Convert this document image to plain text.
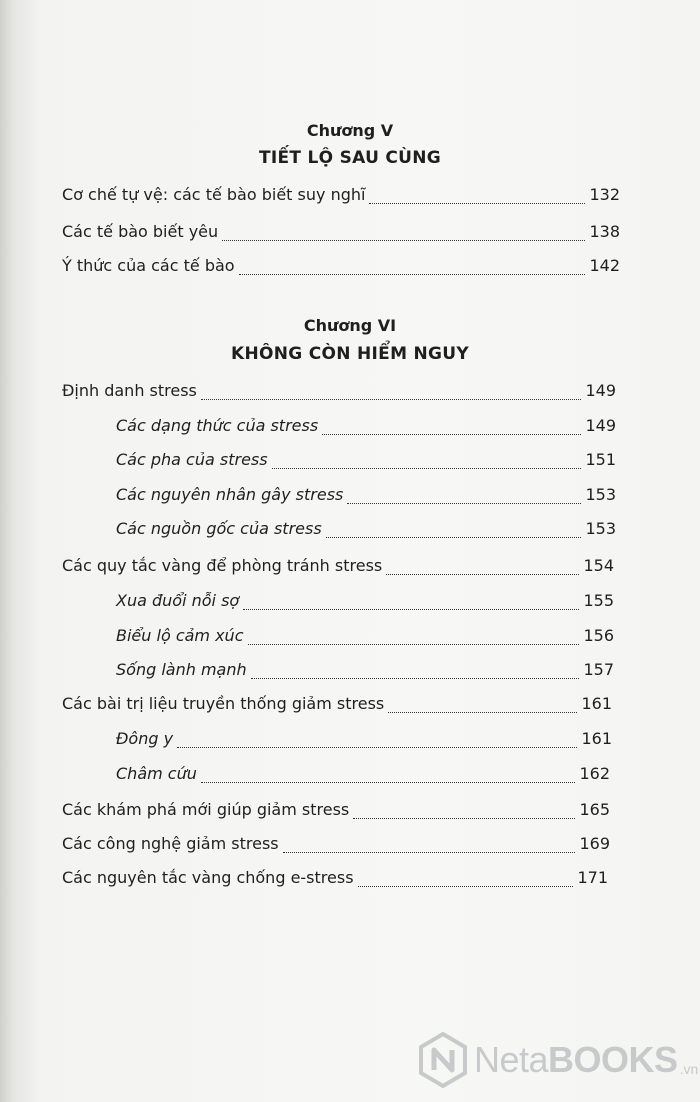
Chương V
TIẾT LỘ SAU CÙNG
Cơ chế tự vệ: các tế bào biết suy nghĩ	132
Các tế bào biết yêu	138
Ý thức của các tế bào	142
Chương VI
KHÔNG CÒN HIỂM NGUY
Định danh stress	149
Các dạng thức của stress	149
Các pha của stress	151
Các nguyên nhân gây stress	153
Các nguồn gốc của stress	153
Các quy tắc vàng để phòng tránh stress	154
Xua đuổi nỗi sợ	155
Biểu lộ cảm xúc	156
Sống lành mạnh	157
Các bài trị liệu truyền thống giảm stress	161
Đông y	161
Châm cứu	162
Các khám phá mới giúp giảm stress	165
Các công nghệ giảm stress	169
Các nguyên tắc vàng chống e-stress	171
NetaBOOKS .vn
